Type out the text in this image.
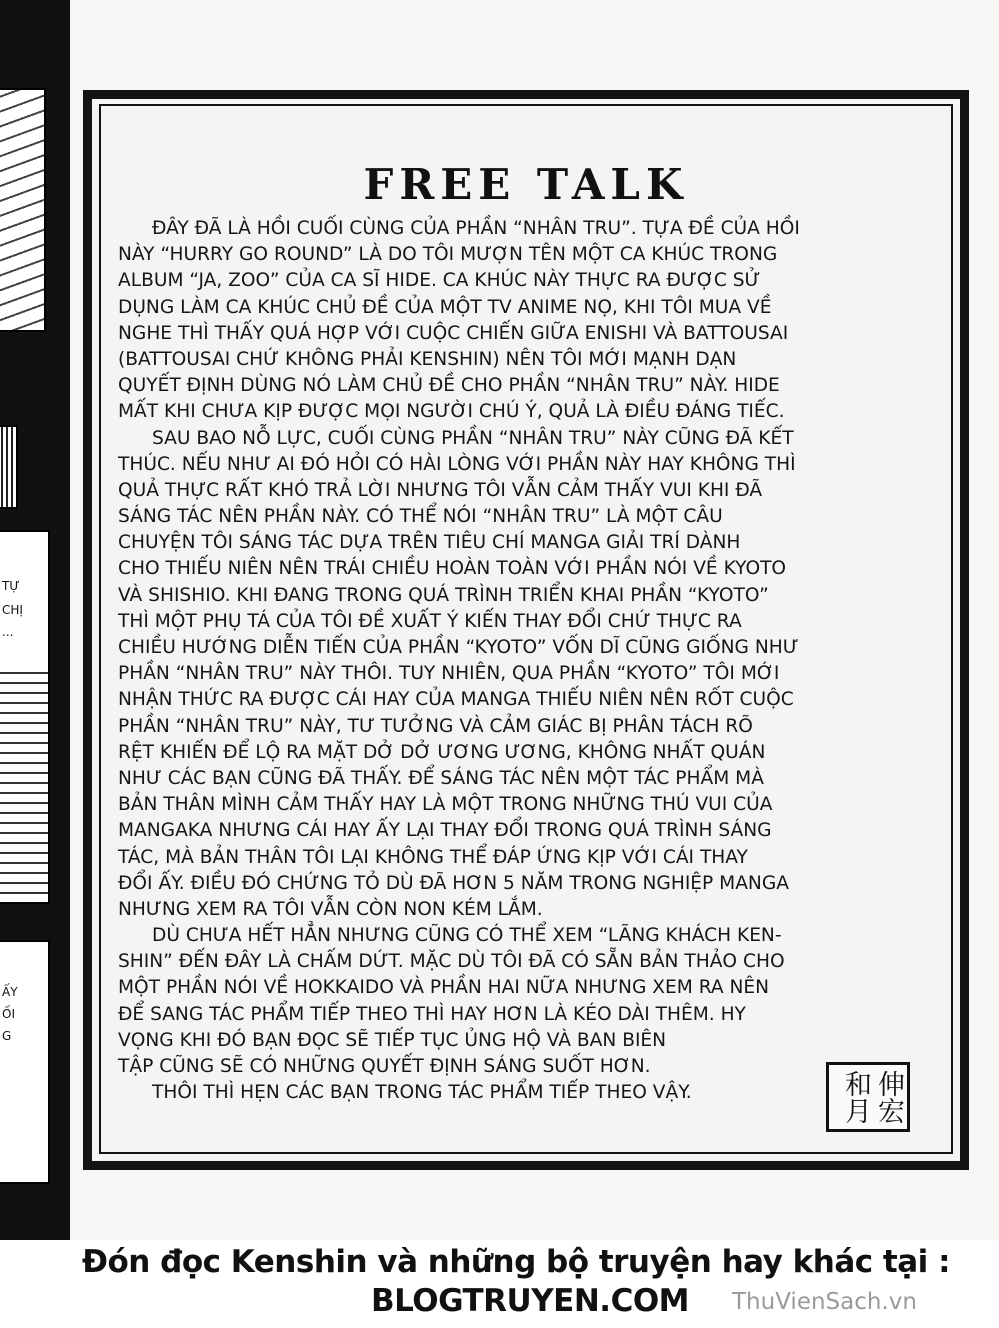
TỰ
CHỊ
...
ẤY
ỐI
G
FREE TALK
ĐÂY ĐÃ LÀ HỒI CUỐI CÙNG CỦA PHẦN “NHÂN TRU”. TỰA ĐỀ CỦA HỒI
NÀY “HURRY GO ROUND” LÀ DO TÔI MƯỢN TÊN MỘT CA KHÚC TRONG
ALBUM “JA, ZOO” CỦA CA SĨ HIDE. CA KHÚC NÀY THỰC RA ĐƯỢC SỬ
DỤNG LÀM CA KHÚC CHỦ ĐỀ CỦA MỘT TV ANIME NỌ, KHI TÔI MUA VỀ
NGHE THÌ THẤY QUÁ HỢP VỚI CUỘC CHIẾN GIỮA ENISHI VÀ BATTOUSAI
(BATTOUSAI CHỨ KHÔNG PHẢI KENSHIN) NÊN TÔI MỚI MẠNH DẠN
QUYẾT ĐỊNH DÙNG NÓ LÀM CHỦ ĐỀ CHO PHẦN “NHÂN TRU” NÀY. HIDE
MẤT KHI CHƯA KỊP ĐƯỢC MỌI NGƯỜI CHÚ Ý, QUẢ LÀ ĐIỀU ĐÁNG TIẾC.
SAU BAO NỖ LỰC, CUỐI CÙNG PHẦN “NHÂN TRU” NÀY CŨNG ĐÃ KẾT
THÚC. NẾU NHƯ AI ĐÓ HỎI CÓ HÀI LÒNG VỚI PHẦN NÀY HAY KHÔNG THÌ
QUẢ THỰC RẤT KHÓ TRẢ LỜI NHƯNG TÔI VẪN CẢM THẤY VUI KHI ĐÃ
SÁNG TÁC NÊN PHẦN NÀY. CÓ THỂ NÓI “NHÂN TRU” LÀ MỘT CÂU
CHUYỆN TÔI SÁNG TÁC DỰA TRÊN TIÊU CHÍ MANGA GIẢI TRÍ DÀNH
CHO THIẾU NIÊN NÊN TRÁI CHIỀU HOÀN TOÀN VỚI PHẦN NÓI VỀ KYOTO
VÀ SHISHIO. KHI ĐANG TRONG QUÁ TRÌNH TRIỂN KHAI PHẦN “KYOTO”
THÌ MỘT PHỤ TÁ CỦA TÔI ĐỀ XUẤT Ý KIẾN THAY ĐỔI CHỨ THỰC RA
CHIỀU HƯỚNG DIỄN TIẾN CỦA PHẦN “KYOTO” VỐN DĨ CŨNG GIỐNG NHƯ
PHẦN “NHÂN TRU” NÀY THÔI. TUY NHIÊN, QUA PHẦN “KYOTO” TÔI MỚI
NHẬN THỨC RA ĐƯỢC CÁI HAY CỦA MANGA THIẾU NIÊN NÊN RỐT CUỘC
PHẦN “NHÂN TRU” NÀY, TƯ TƯỞNG VÀ CẢM GIÁC BỊ PHÂN TÁCH RÕ
RỆT KHIẾN ĐỂ LỘ RA MẶT DỞ DỞ ƯƠNG ƯƠNG, KHÔNG NHẤT QUÁN
NHƯ CÁC BẠN CŨNG ĐÃ THẤY. ĐỂ SÁNG TÁC NÊN MỘT TÁC PHẨM MÀ
BẢN THÂN MÌNH CẢM THẤY HAY LÀ MỘT TRONG NHỮNG THÚ VUI CỦA
MANGAKA NHƯNG CÁI HAY ẤY LẠI THAY ĐỔI TRONG QUÁ TRÌNH SÁNG
TÁC, MÀ BẢN THÂN TÔI LẠI KHÔNG THỂ ĐÁP ỨNG KỊP VỚI CÁI THAY
ĐỔI ẤY. ĐIỀU ĐÓ CHỨNG TỎ DÙ ĐÃ HƠN 5 NĂM TRONG NGHIỆP MANGA
NHƯNG XEM RA TÔI VẪN CÒN NON KÉM LẮM.
DÙ CHƯA HẾT HẲN NHƯNG CŨNG CÓ THỂ XEM “LÃNG KHÁCH KEN-
SHIN” ĐẾN ĐÂY LÀ CHẤM DỨT. MẶC DÙ TÔI ĐÃ CÓ SẴN BẢN THẢO CHO
MỘT PHẦN NÓI VỀ HOKKAIDO VÀ PHẦN HAI NỮA NHƯNG XEM RA NÊN
ĐỂ SANG TÁC PHẨM TIẾP THEO THÌ HAY HƠN LÀ KÉO DÀI THÊM. HY
VỌNG KHI ĐÓ BẠN ĐỌC SẼ TIẾP TỤC ỦNG HỘ VÀ BAN BIÊN
TẬP CŨNG SẼ CÓ NHỮNG QUYẾT ĐỊNH SÁNG SUỐT HƠN.
THÔI THÌ HẸN CÁC BẠN TRONG TÁC PHẨM TIẾP THEO VẬY.	伸宏和月
Đón đọc Kenshin và những bộ truyện hay khác tại :
BLOGTRUYEN.COM ThuVienSach.vn
